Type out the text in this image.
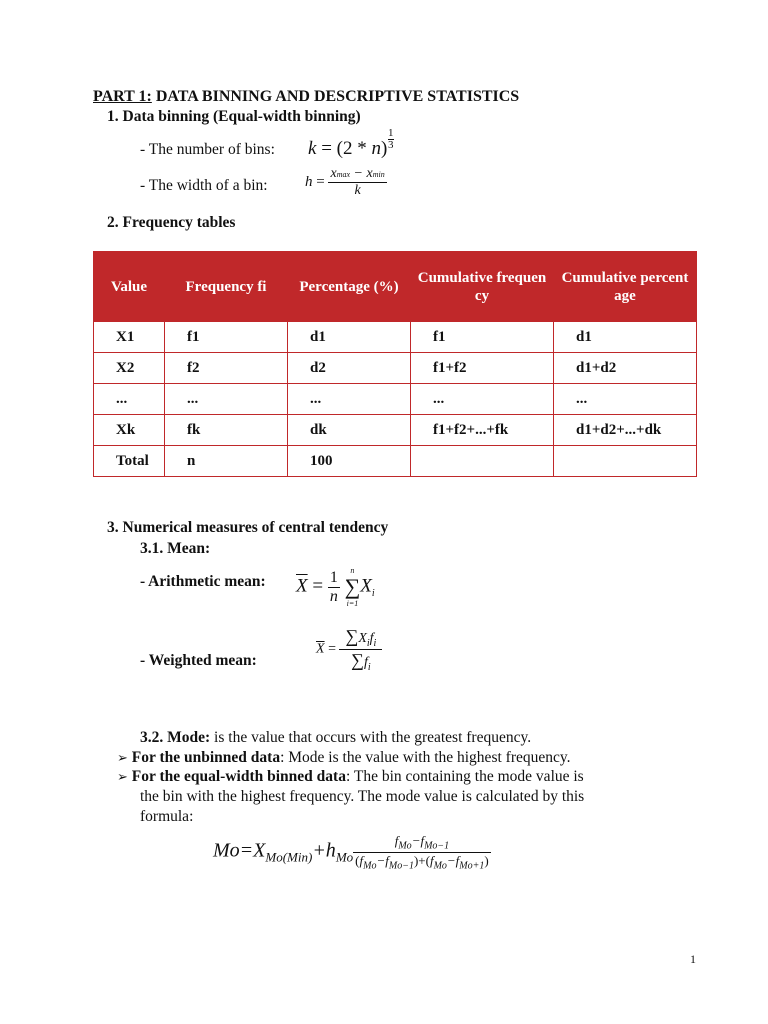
PART 1: DATA BINNING AND DESCRIPTIVE STATISTICS
1. Data binning (Equal-width binning)
- The number of bins: k = (2 * n)
1
3
- The width of a bin: $h = \frac{xmax - xmin}{k}$
2. Frequency tables
Value	Frequency fi	Percentage (%)	Cumulative frequency	Cumulative percentage
X1	f1	d1	f1	d1
X2	f2	d2	f1+f2	d1+d2
...	...	...	...	...
Xk	fk	dk	f1+f2+...+fk	d1+d2+...+dk
Total	n	100		
3. Numerical measures of central tendency
3.1. Mean:
- Arithmetic mean: $\overline{X} = \frac{1}{n}$
	n
∑
i=1
$X_i$
- Weighted mean:
$\overline{X} = \frac{\sum X_if_i}{\sum f_i}$
3.2. Mode: is the value that occurs with the greatest frequency.
➢ For the unbinned data: Mode is the value with the highest frequency.
➢ For the equal-width binned data: The bin containing the mode value is
the bin with the highest frequency. The mode value is calculated by this
formula:
$Mo=X_{Mo(Min)}+h_{Mo} \frac{f_{Mo}-f_{Mo-1}}{(f_{Mo}-f_{Mo-1})+(f_{Mo}-f_{Mo+1})}$
1
